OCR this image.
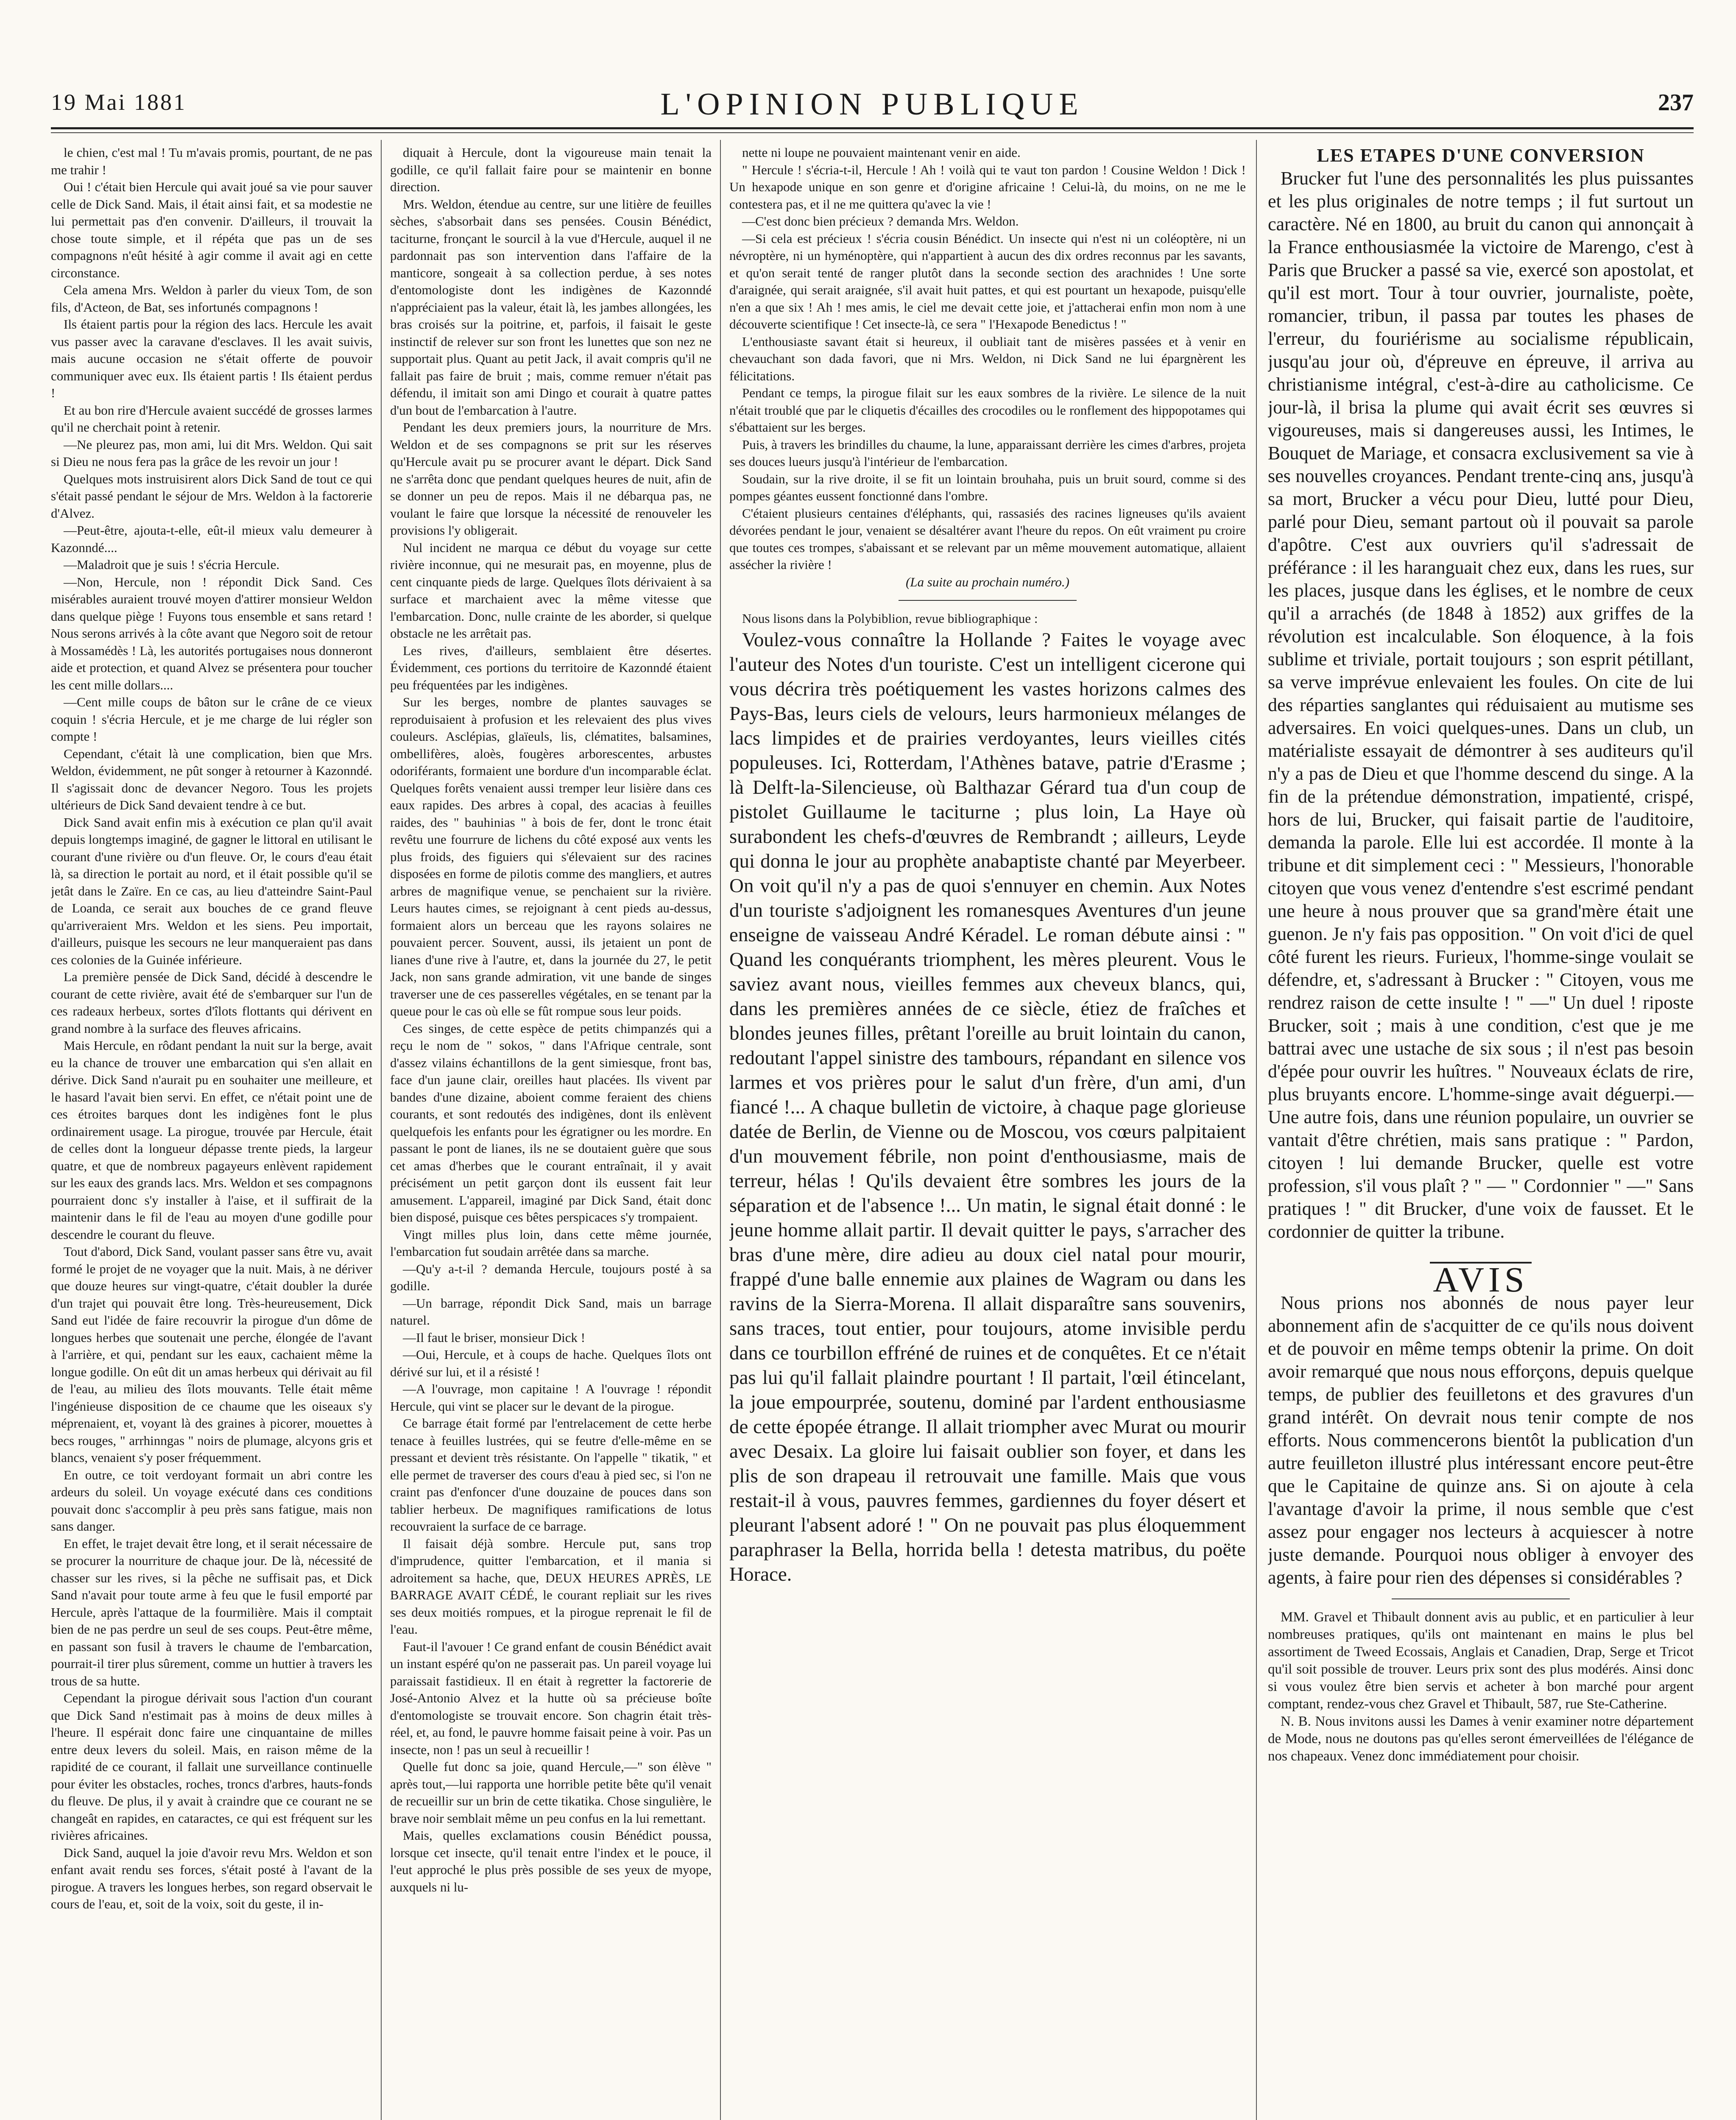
19 Mai 1881	L'OPINION PUBLIQUE	237

le chien, c'est mal ! Tu m'avais promis, pourtant, de ne pas me trahir !

Oui ! c'était bien Hercule qui avait joué sa vie pour sauver celle de Dick Sand. Mais, il était ainsi fait, et sa modestie ne lui permettait pas d'en convenir. D'ailleurs, il trouvait la chose toute simple, et il répéta que pas un de ses compagnons n'eût hésité à agir comme il avait agi en cette circonstance.

Cela amena Mrs. Weldon à parler du vieux Tom, de son fils, d'Acteon, de Bat, ses infortunés compagnons !

Ils étaient partis pour la région des lacs. Hercule les avait vus passer avec la caravane d'esclaves. Il les avait suivis, mais aucune occasion ne s'était offerte de pouvoir communiquer avec eux. Ils étaient partis ! Ils étaient perdus !

Et au bon rire d'Hercule avaient succédé de grosses larmes qu'il ne cherchait point à retenir.

—Ne pleurez pas, mon ami, lui dit Mrs. Weldon. Qui sait si Dieu ne nous fera pas la grâce de les revoir un jour !

Quelques mots instruisirent alors Dick Sand de tout ce qui s'était passé pendant le séjour de Mrs. Weldon à la factorerie d'Alvez.

—Peut-être, ajouta-t-elle, eût-il mieux valu demeurer à Kazonndé....

—Maladroit que je suis ! s'écria Hercule.

—Non, Hercule, non ! répondit Dick Sand. Ces misérables auraient trouvé moyen d'attirer monsieur Weldon dans quelque piège ! Fuyons tous ensemble et sans retard ! Nous serons arrivés à la côte avant que Negoro soit de retour à Mossamédès ! Là, les autorités portugaises nous donneront aide et protection, et quand Alvez se présentera pour toucher les cent mille dollars....

—Cent mille coups de bâton sur le crâne de ce vieux coquin ! s'écria Hercule, et je me charge de lui régler son compte !

Cependant, c'était là une complication, bien que Mrs. Weldon, évidemment, ne pût songer à retourner à Kazonndé. Il s'agissait donc de devancer Negoro. Tous les projets ultérieurs de Dick Sand devaient tendre à ce but.

Dick Sand avait enfin mis à exécution ce plan qu'il avait depuis longtemps imaginé, de gagner le littoral en utilisant le courant d'une rivière ou d'un fleuve. Or, le cours d'eau était là, sa direction le portait au nord, et il était possible qu'il se jetât dans le Zaïre. En ce cas, au lieu d'atteindre Saint-Paul de Loanda, ce serait aux bouches de ce grand fleuve qu'arriveraient Mrs. Weldon et les siens. Peu importait, d'ailleurs, puisque les secours ne leur manqueraient pas dans ces colonies de la Guinée inférieure.

La première pensée de Dick Sand, décidé à descendre le courant de cette rivière, avait été de s'embarquer sur l'un de ces radeaux herbeux, sortes d'îlots flottants qui dérivent en grand nombre à la surface des fleuves africains.

Mais Hercule, en rôdant pendant la nuit sur la berge, avait eu la chance de trouver une embarcation qui s'en allait en dérive. Dick Sand n'aurait pu en souhaiter une meilleure, et le hasard l'avait bien servi. En effet, ce n'était point une de ces étroites barques dont les indigènes font le plus ordinairement usage. La pirogue, trouvée par Hercule, était de celles dont la longueur dépasse trente pieds, la largeur quatre, et que de nombreux pagayeurs enlèvent rapidement sur les eaux des grands lacs. Mrs. Weldon et ses compagnons pourraient donc s'y installer à l'aise, et il suffirait de la maintenir dans le fil de l'eau au moyen d'une godille pour descendre le courant du fleuve.

Tout d'abord, Dick Sand, voulant passer sans être vu, avait formé le projet de ne voyager que la nuit. Mais, à ne dériver que douze heures sur vingt-quatre, c'était doubler la durée d'un trajet qui pouvait être long. Très-heureusement, Dick Sand eut l'idée de faire recouvrir la pirogue d'un dôme de longues herbes que soutenait une perche, élongée de l'avant à l'arrière, et qui, pendant sur les eaux, cachaient même la longue godille. On eût dit un amas herbeux qui dérivait au fil de l'eau, au milieu des îlots mouvants. Telle était même l'ingénieuse disposition de ce chaume que les oiseaux s'y méprenaient, et, voyant là des graines à picorer, mouettes à becs rouges, " arrhinngas " noirs de plumage, alcyons gris et blancs, venaient s'y poser fréquemment.

En outre, ce toit verdoyant formait un abri contre les ardeurs du soleil. Un voyage exécuté dans ces conditions pouvait donc s'accomplir à peu près sans fatigue, mais non sans danger.

En effet, le trajet devait être long, et il serait nécessaire de se procurer la nourriture de chaque jour. De là, nécessité de chasser sur les rives, si la pêche ne suffisait pas, et Dick Sand n'avait pour toute arme à feu que le fusil emporté par Hercule, après l'attaque de la fourmilière. Mais il comptait bien de ne pas perdre un seul de ses coups. Peut-être même, en passant son fusil à travers le chaume de l'embarcation, pourrait-il tirer plus sûrement, comme un huttier à travers les trous de sa hutte.

Cependant la pirogue dérivait sous l'action d'un courant que Dick Sand n'estimait pas à moins de deux milles à l'heure. Il espérait donc faire une cinquantaine de milles entre deux levers du soleil. Mais, en raison même de la rapidité de ce courant, il fallait une surveillance continuelle pour éviter les obstacles, roches, troncs d'arbres, hauts-fonds du fleuve. De plus, il y avait à craindre que ce courant ne se changeât en rapides, en cataractes, ce qui est fréquent sur les rivières africaines.

Dick Sand, auquel la joie d'avoir revu Mrs. Weldon et son enfant avait rendu ses forces, s'était posté à l'avant de la pirogue. A travers les longues herbes, son regard observait le cours de l'eau, et, soit de la voix, soit du geste, il in-

diquait à Hercule, dont la vigoureuse main tenait la godille, ce qu'il fallait faire pour se maintenir en bonne direction.

Mrs. Weldon, étendue au centre, sur une litière de feuilles sèches, s'absorbait dans ses pensées. Cousin Bénédict, taciturne, fronçant le sourcil à la vue d'Hercule, auquel il ne pardonnait pas son intervention dans l'affaire de la manticore, songeait à sa collection perdue, à ses notes d'entomologiste dont les indigènes de Kazonndé n'appréciaient pas la valeur, était là, les jambes allongées, les bras croisés sur la poitrine, et, parfois, il faisait le geste instinctif de relever sur son front les lunettes que son nez ne supportait plus. Quant au petit Jack, il avait compris qu'il ne fallait pas faire de bruit ; mais, comme remuer n'était pas défendu, il imitait son ami Dingo et courait à quatre pattes d'un bout de l'embarcation à l'autre.

Pendant les deux premiers jours, la nourriture de Mrs. Weldon et de ses compagnons se prit sur les réserves qu'Hercule avait pu se procurer avant le départ. Dick Sand ne s'arrêta donc que pendant quelques heures de nuit, afin de se donner un peu de repos. Mais il ne débarqua pas, ne voulant le faire que lorsque la nécessité de renouveler les provisions l'y obligerait.

Nul incident ne marqua ce début du voyage sur cette rivière inconnue, qui ne mesurait pas, en moyenne, plus de cent cinquante pieds de large. Quelques îlots dérivaient à sa surface et marchaient avec la même vitesse que l'embarcation. Donc, nulle crainte de les aborder, si quelque obstacle ne les arrêtait pas.

Les rives, d'ailleurs, semblaient être désertes. Évidemment, ces portions du territoire de Kazonndé étaient peu fréquentées par les indigènes.

Sur les berges, nombre de plantes sauvages se reproduisaient à profusion et les relevaient des plus vives couleurs. Asclépias, glaïeuls, lis, clématites, balsamines, ombellifères, aloès, fougères arborescentes, arbustes odoriférants, formaient une bordure d'un incomparable éclat. Quelques forêts venaient aussi tremper leur lisière dans ces eaux rapides. Des arbres à copal, des acacias à feuilles raides, des " bauhinias " à bois de fer, dont le tronc était revêtu une fourrure de lichens du côté exposé aux vents les plus froids, des figuiers qui s'élevaient sur des racines disposées en forme de pilotis comme des mangliers, et autres arbres de magnifique venue, se penchaient sur la rivière. Leurs hautes cimes, se rejoignant à cent pieds au-dessus, formaient alors un berceau que les rayons solaires ne pouvaient percer. Souvent, aussi, ils jetaient un pont de lianes d'une rive à l'autre, et, dans la journée du 27, le petit Jack, non sans grande admiration, vit une bande de singes traverser une de ces passerelles végétales, en se tenant par la queue pour le cas où elle se fût rompue sous leur poids.

Ces singes, de cette espèce de petits chimpanzés qui a reçu le nom de " sokos, " dans l'Afrique centrale, sont d'assez vilains échantillons de la gent simiesque, front bas, face d'un jaune clair, oreilles haut placées. Ils vivent par bandes d'une dizaine, aboient comme feraient des chiens courants, et sont redoutés des indigènes, dont ils enlèvent quelquefois les enfants pour les égratigner ou les mordre. En passant le pont de lianes, ils ne se doutaient guère que sous cet amas d'herbes que le courant entraînait, il y avait précisément un petit garçon dont ils eussent fait leur amusement. L'appareil, imaginé par Dick Sand, était donc bien disposé, puisque ces bêtes perspicaces s'y trompaient.

Vingt milles plus loin, dans cette même journée, l'embarcation fut soudain arrêtée dans sa marche.

—Qu'y a-t-il ? demanda Hercule, toujours posté à sa godille.

—Un barrage, répondit Dick Sand, mais un barrage naturel.

—Il faut le briser, monsieur Dick !

—Oui, Hercule, et à coups de hache. Quelques îlots ont dérivé sur lui, et il a résisté !

—A l'ouvrage, mon capitaine ! A l'ouvrage ! répondit Hercule, qui vint se placer sur le devant de la pirogue.

Ce barrage était formé par l'entrelacement de cette herbe tenace à feuilles lustrées, qui se feutre d'elle-même en se pressant et devient très résistante. On l'appelle " tikatik, " et elle permet de traverser des cours d'eau à pied sec, si l'on ne craint pas d'enfoncer d'une douzaine de pouces dans son tablier herbeux. De magnifiques ramifications de lotus recouvraient la surface de ce barrage.

Il faisait déjà sombre. Hercule put, sans trop d'imprudence, quitter l'embarcation, et il mania si adroitement sa hache, que, DEUX HEURES APRÈS, LE BARRAGE AVAIT CÉDÉ, le courant repliait sur les rives ses deux moitiés rompues, et la pirogue reprenait le fil de l'eau.

Faut-il l'avouer ! Ce grand enfant de cousin Bénédict avait un instant espéré qu'on ne passerait pas. Un pareil voyage lui paraissait fastidieux. Il en était à regretter la factorerie de José-Antonio Alvez et la hutte où sa précieuse boîte d'entomologiste se trouvait encore. Son chagrin était très-réel, et, au fond, le pauvre homme faisait peine à voir. Pas un insecte, non ! pas un seul à recueillir !

Quelle fut donc sa joie, quand Hercule,—" son élève " après tout,—lui rapporta une horrible petite bête qu'il venait de recueillir sur un brin de cette tikatika. Chose singulière, le brave noir semblait même un peu confus en la lui remettant.

Mais, quelles exclamations cousin Bénédict poussa, lorsque cet insecte, qu'il tenait entre l'index et le pouce, il l'eut approché le plus près possible de ses yeux de myope, auxquels ni lu-

nette ni loupe ne pouvaient maintenant venir en aide.

" Hercule ! s'écria-t-il, Hercule ! Ah ! voilà qui te vaut ton pardon ! Cousine Weldon ! Dick ! Un hexapode unique en son genre et d'origine africaine ! Celui-là, du moins, on ne me le contestera pas, et il ne me quittera qu'avec la vie !

—C'est donc bien précieux ? demanda Mrs. Weldon.

—Si cela est précieux ! s'écria cousin Bénédict. Un insecte qui n'est ni un coléoptère, ni un névroptère, ni un hyménoptère, qui n'appartient à aucun des dix ordres reconnus par les savants, et qu'on serait tenté de ranger plutôt dans la seconde section des arachnides ! Une sorte d'araignée, qui serait araignée, s'il avait huit pattes, et qui est pourtant un hexapode, puisqu'elle n'en a que six ! Ah ! mes amis, le ciel me devait cette joie, et j'attacherai enfin mon nom à une découverte scientifique ! Cet insecte-là, ce sera " l'Hexapode Benedictus ! "

L'enthousiaste savant était si heureux, il oubliait tant de misères passées et à venir en chevauchant son dada favori, que ni Mrs. Weldon, ni Dick Sand ne lui épargnèrent les félicitations.

Pendant ce temps, la pirogue filait sur les eaux sombres de la rivière. Le silence de la nuit n'était troublé que par le cliquetis d'écailles des crocodiles ou le ronflement des hippopotames qui s'ébattaient sur les berges.

Puis, à travers les brindilles du chaume, la lune, apparaissant derrière les cimes d'arbres, projeta ses douces lueurs jusqu'à l'intérieur de l'embarcation.

Soudain, sur la rive droite, il se fit un lointain brouhaha, puis un bruit sourd, comme si des pompes géantes eussent fonctionné dans l'ombre.

C'étaient plusieurs centaines d'éléphants, qui, rassasiés des racines ligneuses qu'ils avaient dévorées pendant le jour, venaient se désaltérer avant l'heure du repos. On eût vraiment pu croire que toutes ces trompes, s'abaissant et se relevant par un même mouvement automatique, allaient assécher la rivière !

(La suite au prochain numéro.)

Nous lisons dans la Polybiblion, revue bibliographique :

Voulez-vous connaître la Hollande ? Faites le voyage avec l'auteur des Notes d'un touriste. C'est un intelligent cicerone qui vous décrira très poétiquement les vastes horizons calmes des Pays-Bas, leurs ciels de velours, leurs harmonieux mélanges de lacs limpides et de prairies verdoyantes, leurs vieilles cités populeuses. Ici, Rotterdam, l'Athènes batave, patrie d'Erasme ; là Delft-la-Silencieuse, où Balthazar Gérard tua d'un coup de pistolet Guillaume le taciturne ; plus loin, La Haye où surabondent les chefs-d'œuvres de Rembrandt ; ailleurs, Leyde qui donna le jour au prophète anabaptiste chanté par Meyerbeer. On voit qu'il n'y a pas de quoi s'ennuyer en chemin. Aux Notes d'un touriste s'adjoignent les romanesques Aventures d'un jeune enseigne de vaisseau André Kéradel. Le roman débute ainsi : " Quand les conquérants triomphent, les mères pleurent. Vous le saviez avant nous, vieilles femmes aux cheveux blancs, qui, dans les premières années de ce siècle, étiez de fraîches et blondes jeunes filles, prêtant l'oreille au bruit lointain du canon, redoutant l'appel sinistre des tambours, répandant en silence vos larmes et vos prières pour le salut d'un frère, d'un ami, d'un fiancé !... A chaque bulletin de victoire, à chaque page glorieuse datée de Berlin, de Vienne ou de Moscou, vos cœurs palpitaient d'un mouvement fébrile, non point d'enthousiasme, mais de terreur, hélas ! Qu'ils devaient être sombres les jours de la séparation et de l'absence !... Un matin, le signal était donné : le jeune homme allait partir. Il devait quitter le pays, s'arracher des bras d'une mère, dire adieu au doux ciel natal pour mourir, frappé d'une balle ennemie aux plaines de Wagram ou dans les ravins de la Sierra-Morena. Il allait disparaître sans souvenirs, sans traces, tout entier, pour toujours, atome invisible perdu dans ce tourbillon effréné de ruines et de conquêtes. Et ce n'était pas lui qu'il fallait plaindre pourtant ! Il partait, l'œil étincelant, la joue empourprée, soutenu, dominé par l'ardent enthousiasme de cette épopée étrange. Il allait triompher avec Murat ou mourir avec Desaix. La gloire lui faisait oublier son foyer, et dans les plis de son drapeau il retrouvait une famille. Mais que vous restait-il à vous, pauvres femmes, gardiennes du foyer désert et pleurant l'absent adoré ! " On ne pouvait pas plus éloquemment paraphraser la Bella, horrida bella ! detesta matribus, du poëte Horace.

LES ETAPES D'UNE CONVERSION

Brucker fut l'une des personnalités les plus puissantes et les plus originales de notre temps ; il fut surtout un caractère. Né en 1800, au bruit du canon qui annonçait à la France enthousiasmée la victoire de Marengo, c'est à Paris que Brucker a passé sa vie, exercé son apostolat, et qu'il est mort. Tour à tour ouvrier, journaliste, poète, romancier, tribun, il passa par toutes les phases de l'erreur, du fouriérisme au socialisme républicain, jusqu'au jour où, d'épreuve en épreuve, il arriva au christianisme intégral, c'est-à-dire au catholicisme. Ce jour-là, il brisa la plume qui avait écrit ses œuvres si vigoureuses, mais si dangereuses aussi, les Intimes, le Bouquet de Mariage, et consacra exclusivement sa vie à ses nouvelles croyances. Pendant trente-cinq ans, jusqu'à sa mort, Brucker a vécu pour Dieu, lutté pour Dieu, parlé pour Dieu, semant partout où il pouvait sa parole d'apôtre. C'est aux ouvriers qu'il s'adressait de préférance : il les haranguait chez eux, dans les rues, sur les places, jusque dans les églises, et le nombre de ceux qu'il a arrachés (de 1848 à 1852) aux griffes de la révolution est incalculable. Son éloquence, à la fois sublime et triviale, portait toujours ; son esprit pétillant, sa verve imprévue enlevaient les foules. On cite de lui des réparties sanglantes qui réduisaient au mutisme ses adversaires. En voici quelques-unes. Dans un club, un matérialiste essayait de démontrer à ses auditeurs qu'il n'y a pas de Dieu et que l'homme descend du singe. A la fin de la prétendue démonstration, impatienté, crispé, hors de lui, Brucker, qui faisait partie de l'auditoire, demanda la parole. Elle lui est accordée. Il monte à la tribune et dit simplement ceci : " Messieurs, l'honorable citoyen que vous venez d'entendre s'est escrimé pendant une heure à nous prouver que sa grand'mère était une guenon. Je n'y fais pas opposition. " On voit d'ici de quel côté furent les rieurs. Furieux, l'homme-singe voulait se défendre, et, s'adressant à Brucker : " Citoyen, vous me rendrez raison de cette insulte ! " —" Un duel ! riposte Brucker, soit ; mais à une condition, c'est que je me battrai avec une ustache de six sous ; il n'est pas besoin d'épée pour ouvrir les huîtres. " Nouveaux éclats de rire, plus bruyants encore. L'homme-singe avait déguerpi.— Une autre fois, dans une réunion populaire, un ouvrier se vantait d'être chrétien, mais sans pratique : " Pardon, citoyen ! lui demande Brucker, quelle est votre profession, s'il vous plaît ? " — " Cordonnier " —" Sans pratiques ! " dit Brucker, d'une voix de fausset. Et le cordonnier de quitter la tribune.

AVIS

Nous prions nos abonnés de nous payer leur abonnement afin de s'acquitter de ce qu'ils nous doivent et de pouvoir en même temps obtenir la prime. On doit avoir remarqué que nous nous efforçons, depuis quelque temps, de publier des feuilletons et des gravures d'un grand intérêt. On devrait nous tenir compte de nos efforts. Nous commencerons bientôt la publication d'un autre feuilleton illustré plus intéressant encore peut-être que le Capitaine de quinze ans. Si on ajoute à cela l'avantage d'avoir la prime, il nous semble que c'est assez pour engager nos lecteurs à acquiescer à notre juste demande. Pourquoi nous obliger à envoyer des agents, à faire pour rien des dépenses si considérables ?

MM. Gravel et Thibault donnent avis au public, et en particulier à leur nombreuses pratiques, qu'ils ont maintenant en mains le plus bel assortiment de Tweed Ecossais, Anglais et Canadien, Drap, Serge et Tricot qu'il soit possible de trouver. Leurs prix sont des plus modérés. Ainsi donc si vous voulez être bien servis et acheter à bon marché pour argent comptant, rendez-vous chez Gravel et Thibault, 587, rue Ste-Catherine.

N. B. Nous invitons aussi les Dames à venir examiner notre département de Mode, nous ne doutons pas qu'elles seront émerveillées de l'élégance de nos chapeaux. Venez donc immédiatement pour choisir.
